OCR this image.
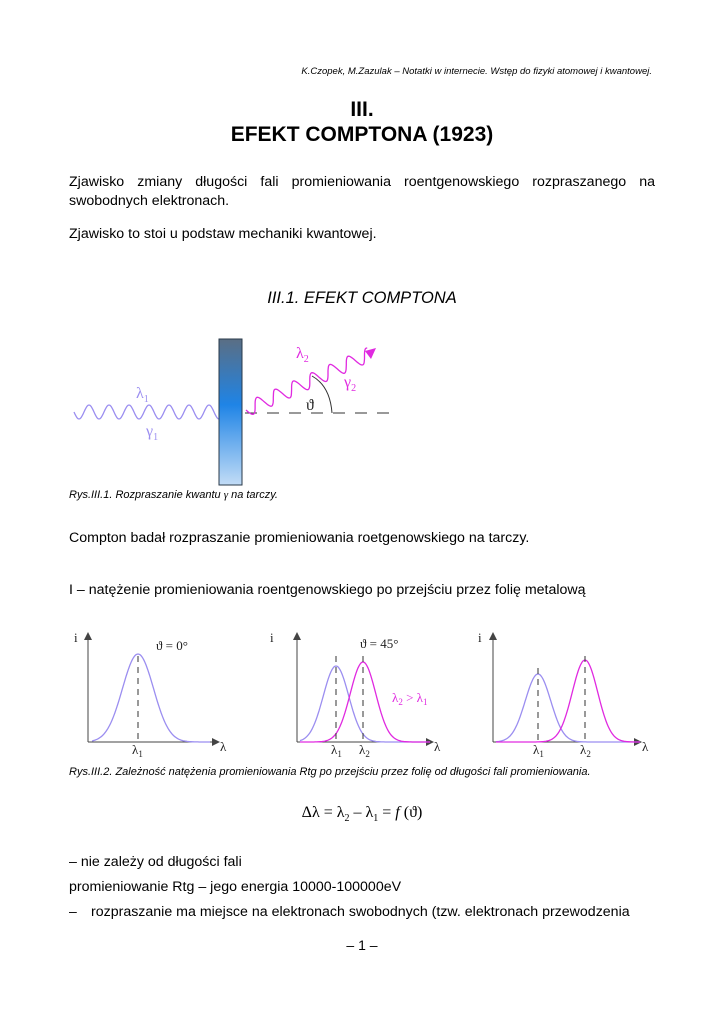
K.Czopek, M.Zazulak – Notatki w internecie. Wstęp do fizyki atomowej i kwantowej.
III.
EFEKT COMPTONA (1923)
Zjawisko zmiany długości fali promieniowania roentgenowskiego rozpraszanego na swobodnych elektronach.
Zjawisko to stoi u podstaw mechaniki kwantowej.
III.1. EFEKT COMPTONA
$\lambda_1$
$\gamma_1$
$\lambda_2$
$\gamma_2$
ϑ
Rys.III.1. Rozpraszanie kwantu γ na tarczy.
Compton badał rozpraszanie promieniowania roetgenowskiego na tarczy.
I – natężenie promieniowania roentgenowskiego po przejściu przez folię metalową
i
λ
ϑ = 0°
$\lambda_1$
i
λ
ϑ = 45°
$\lambda_2 > \lambda_1$
$\lambda_1$ $\lambda_2$
i
λ
$\lambda_1$	$\lambda_2$
Rys.III.2. Zależność natężenia promieniowania Rtg po przejściu przez folię od długości fali promieniowania.
$\Delta\lambda = \lambda_2 - \lambda_1 = f$ (ϑ)
– nie zależy od długości fali
promieniowanie Rtg – jego energia 10000-100000eV
– rozpraszanie ma miejsce na elektronach swobodnych (tzw. elektronach przewodzenia
– 1 –
